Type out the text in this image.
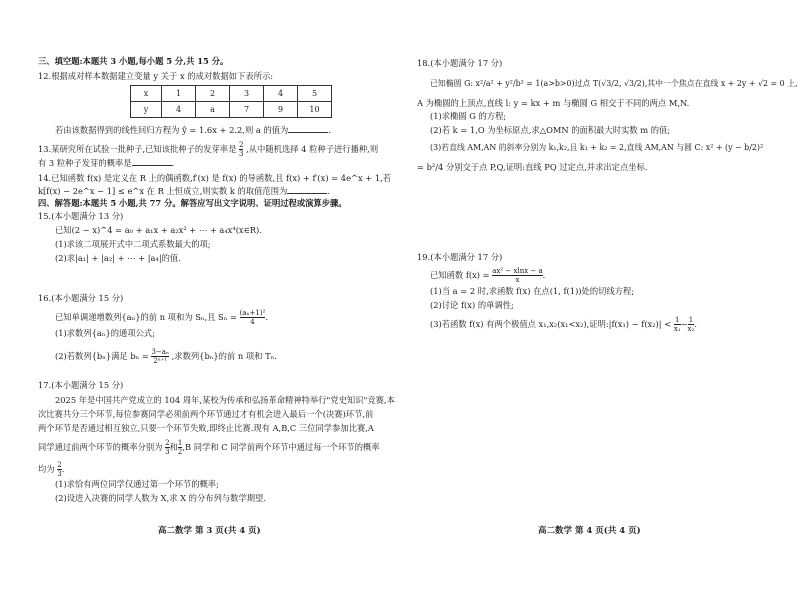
三、填空题:本题共 3 小题,每小题 5 分,共 15 分。
12.根据成对样本数据建立变量 y 关于 x 的成对数据如下表所示:
x	1	2	3	4	5
y	4	a	7	9	10
若由该数据得到的线性回归方程为 ŷ = 1.6x + 2.2,则 a 的值为	.
13.某研究所在试验一批种子,已知该批种子的发芽率是 $\frac{2}{3}$ ,从中随机选择 4 粒种子进行播种,则
有 3 粒种子发芽的概率是	.
14.已知函数 f(x) 是定义在 R 上的偶函数,f′(x) 是 f(x) 的导函数,且 f(x) + f′(x) = 4e^x + 1,若
k[f(x) − 2e^x − 1] ≤ e^x 在 R 上恒成立,则实数 k 的取值范围为	.
四、解答题:本题共 5 小题,共 77 分。解答应写出文字说明、证明过程或演算步骤。
15.(本小题满分 13 分)
已知(2 − x)^4 = a₀ + a₁x + a₂x² + ⋯ + a₄x⁴(x∈R).
(1)求该二项展开式中二项式系数最大的项;
(2)求|a₁| + |a₂| + ⋯ + |a₄|的值.
16.(本小题满分 15 分)
已知单调递增数列{aₙ}的前 n 项和为 Sₙ,且 $S_n = \frac{\text{(aₙ+1)²}}{4}$ .
(1)求数列{aₙ}的通项公式;
(2)若数列{bₙ}满足 $b_n = \frac{\text{3−aₙ}}{\text{2ⁿ⁺¹}}$ ,求数列{bₙ}的前 n 项和 Tₙ.
17.(本小题满分 15 分)
2025 年是中国共产党成立的 104 周年,某校为传承和弘扬革命精神特举行"党史知识"竞赛,本
次比赛共分三个环节,每位参赛同学必须前两个环节通过才有机会进入最后一个(决赛)环节,前
两个环节是否通过相互独立,只要一个环节失败,即终止比赛.现有 A,B,C 三位同学参加比赛,A
同学通过前两个环节的概率分别为 $\frac{2}{3}$ 和 $\frac{1}{2} ,B$ 同学和 C 同学前两个环节中通过每一个环节的概率
均为 $\frac{2}{3}$ .
(1)求恰有两位同学仅通过第一个环节的概率;
(2)设进入决赛的同学人数为 X,求 X 的分布列与数学期望.
高二数学 第 3 页(共 4 页)
18.(本小题满分 17 分)
已知椭圆 G: x²/a² + y²/b² = 1(a>b>0)过点 T(√3/2, √3/2),其中一个焦点在直线 x + 2y + √2 = 0 上,
A 为椭圆的上顶点,直线 l: y = kx + m 与椭圆 G 相交于不同的两点 M,N.
(1)求椭圆 G 的方程;
(2)若 k = 1,O 为坐标原点,求△OMN 的面积最大时实数 m 的值;
(3)若直线 AM,AN 的斜率分别为 k₁,k₂,且 k₁ + k₂ = 2,直线 AM,AN 与圆 C: x² + (y − b/2)²
= b²/4 分别交于点 P,Q,证明:直线 PQ 过定点,并求出定点坐标.
19.(本小题满分 17 分)
已知函数 $f(x) = \frac{\text{ax² − xlnx − a}}{x}$ .
(1)当 a = 2 时,求函数 f(x) 在点(1, f(1))处的切线方程;
(2)讨论 f(x) 的单调性;
(3)若函数 f(x) 有两个极值点 x₁,x₂(x₁<x₂),证明:|f(x₁) − $f(x_2)| < \frac{1}{\text{x₁}} - \frac{1}{\text{x₂}}$ .
高二数学 第 4 页(共 4 页)
